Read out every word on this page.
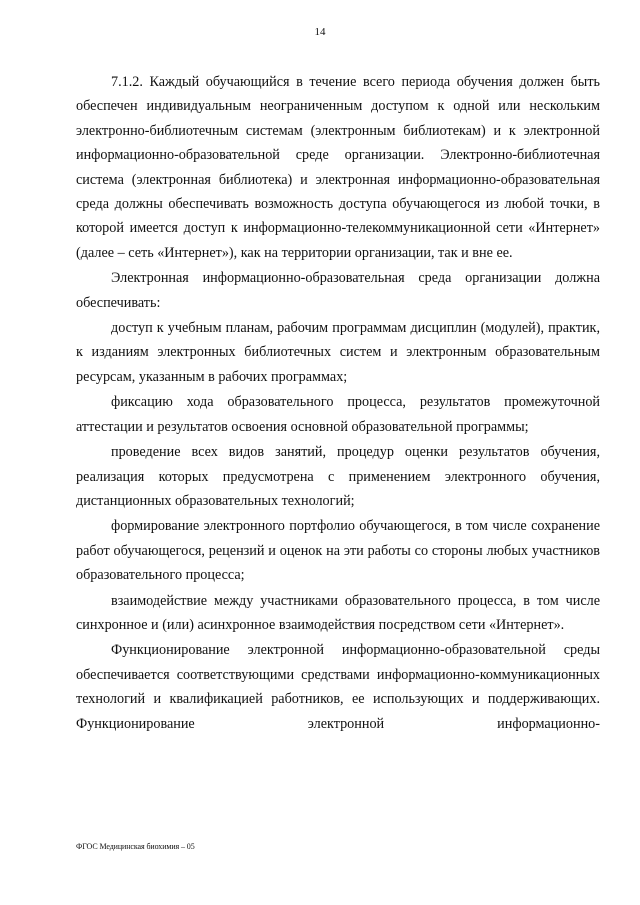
14

7.1.2. Каждый обучающийся в течение всего периода обучения должен быть обеспечен индивидуальным неограниченным доступом к одной или нескольким электронно-библиотечным системам (электронным библиотекам) и к электронной информационно-образовательной среде организации. Электронно-библиотечная система (электронная библиотека) и электронная информационно-образовательная среда должны обеспечивать возможность доступа обучающегося из любой точки, в которой имеется доступ к информационно-телекоммуникационной сети «Интернет» (далее – сеть «Интернет»), как на территории организации, так и вне ее.

Электронная информационно-образовательная среда организации должна обеспечивать:

доступ к учебным планам, рабочим программам дисциплин (модулей), практик, к изданиям электронных библиотечных систем и электронным образовательным ресурсам, указанным в рабочих программах;

фиксацию хода образовательного процесса, результатов промежуточной аттестации и результатов освоения основной образовательной программы;

проведение всех видов занятий, процедур оценки результатов обучения, реализация которых предусмотрена с применением электронного обучения, дистанционных образовательных технологий;

формирование электронного портфолио обучающегося, в том числе сохранение работ обучающегося, рецензий и оценок на эти работы со стороны любых участников образовательного процесса;

взаимодействие между участниками образовательного процесса, в том числе синхронное и (или) асинхронное взаимодействия посредством сети «Интернет».

Функционирование электронной информационно-образовательной среды обеспечивается соответствующими средствами информационно-коммуникационных технологий и квалификацией работников, ее использующих и поддерживающих. Функционирование электронной информационно-

ФГОС Медицинская биохимия – 05
